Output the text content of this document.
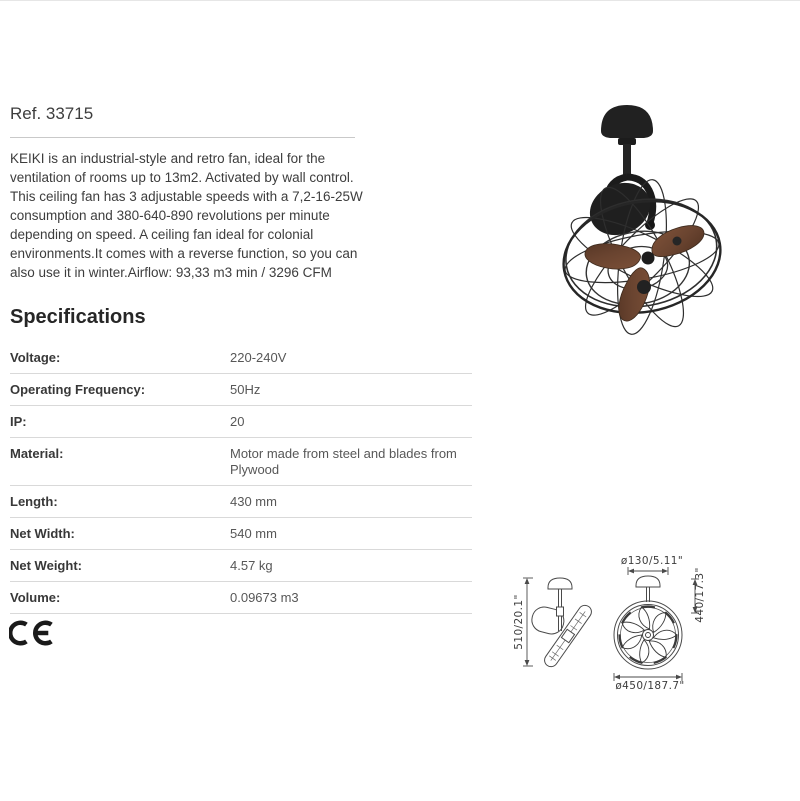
Ref. 33715
KEIKI is an industrial-style and retro fan, ideal for the ventilation of rooms up to 13m2. Activated by wall control. This ceiling fan has 3 adjustable speeds with a 7,2-16-25W consumption and 380-640-890 revolutions per minute depending on speed. A ceiling fan ideal for colonial environments.It comes with a reverse function, so you can also use it in winter.Airflow: 93,33 m3 min / 3296 CFM
Specifications
Voltage:	220-240V
Operating Frequency:	50Hz
IP:	20
Material:	Motor made from steel and blades from Plywood
Length:	430 mm
Net Width:	540 mm
Net Weight:	4.57 kg
Volume:	0.09673 m3	510/20.1"
ø130/5.11"
440/17.3"
ø450/187.7"
